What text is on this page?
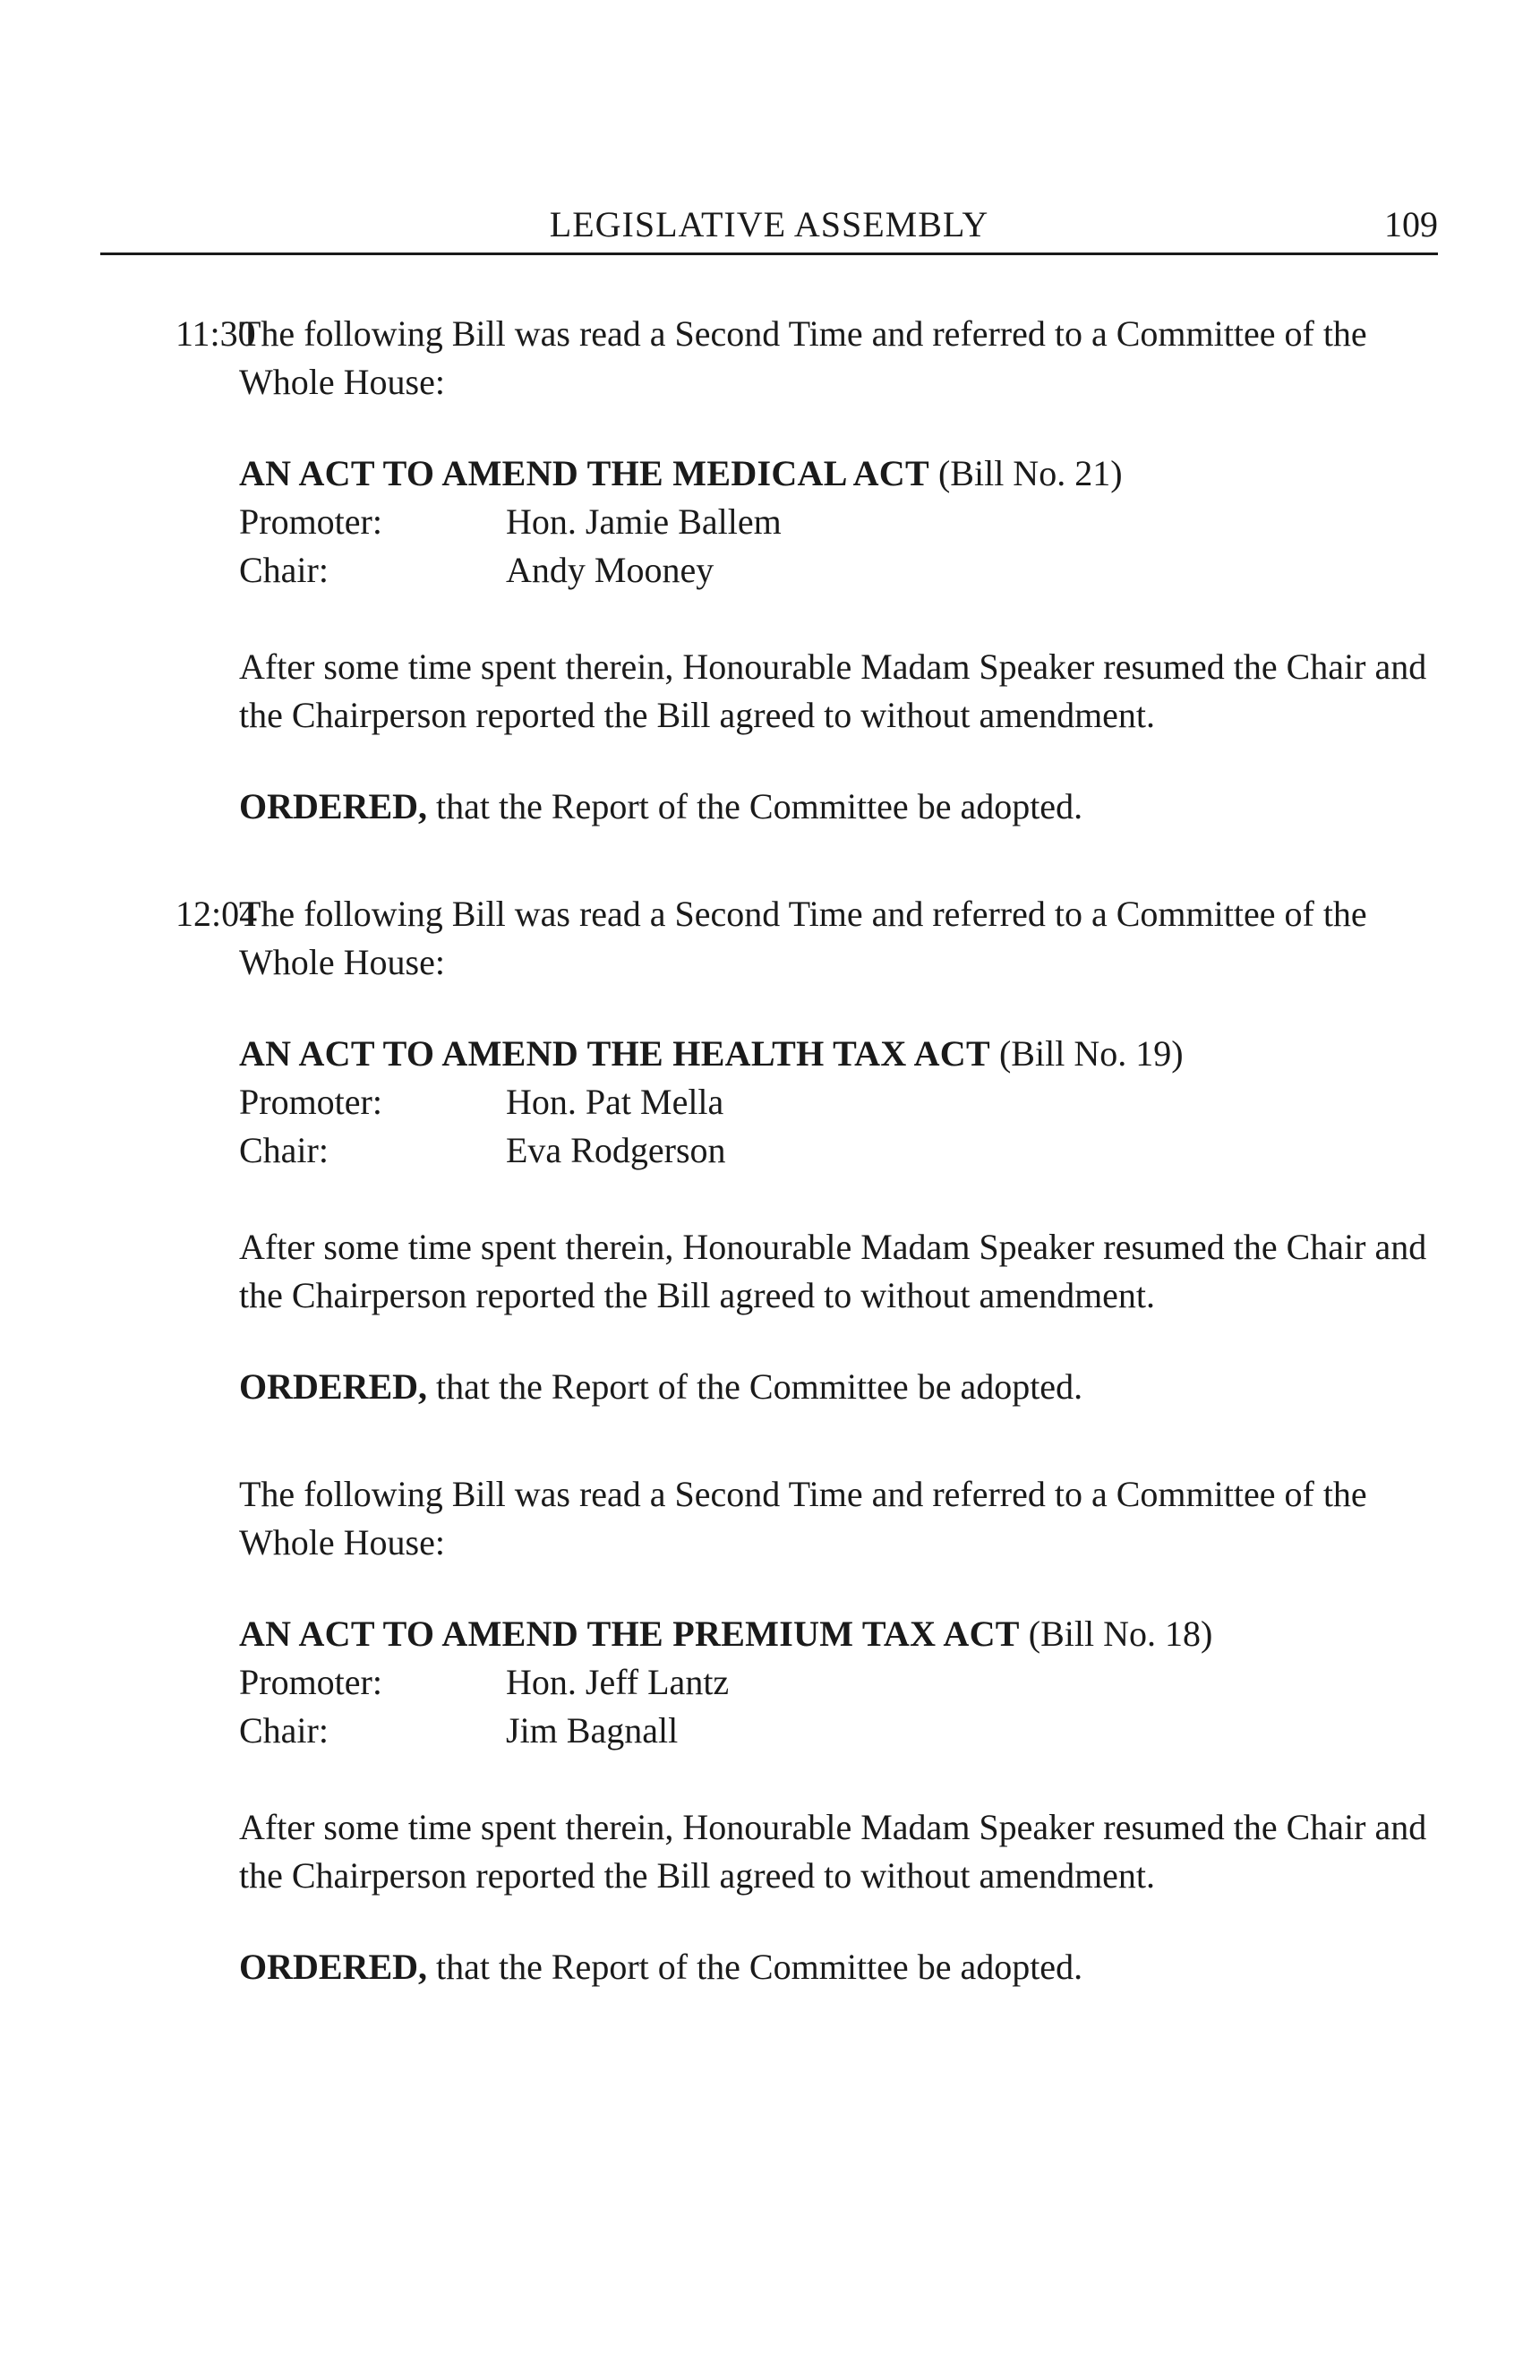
LEGISLATIVE ASSEMBLY	109
11:30

The following Bill was read a Second Time and referred to a Committee of the Whole House:

AN ACT TO AMEND THE MEDICAL ACT (Bill No. 21)

Promoter:	Hon. Jamie Ballem
Chair:	Andy Mooney

After some time spent therein, Honourable Madam Speaker resumed the Chair and the Chairperson reported the Bill agreed to without amendment.

ORDERED, that the Report of the Committee be adopted.

12:04

The following Bill was read a Second Time and referred to a Committee of the Whole House:

AN ACT TO AMEND THE HEALTH TAX ACT (Bill No. 19)

Promoter:	Hon. Pat Mella
Chair:	Eva Rodgerson

After some time spent therein, Honourable Madam Speaker resumed the Chair and the Chairperson reported the Bill agreed to without amendment.

ORDERED, that the Report of the Committee be adopted.

The following Bill was read a Second Time and referred to a Committee of the Whole House:

AN ACT TO AMEND THE PREMIUM TAX ACT (Bill No. 18)

Promoter:	Hon. Jeff Lantz
Chair:	Jim Bagnall

After some time spent therein, Honourable Madam Speaker resumed the Chair and the Chairperson reported the Bill agreed to without amendment.

ORDERED, that the Report of the Committee be adopted.
